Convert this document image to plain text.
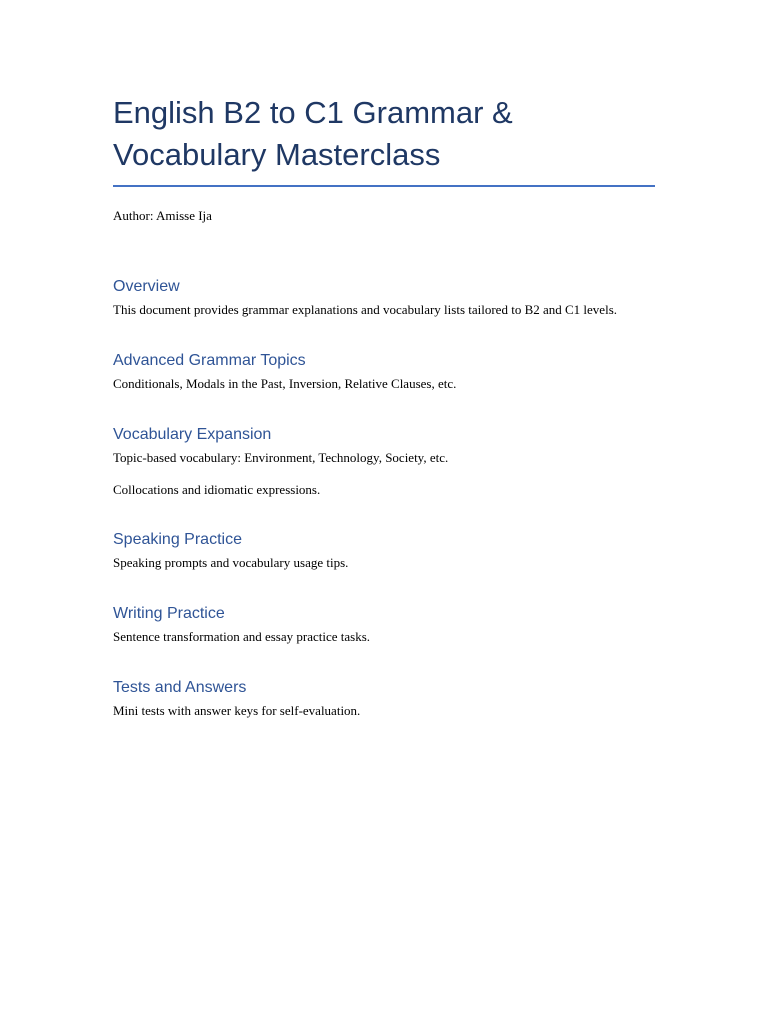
English B2 to C1 Grammar & Vocabulary Masterclass

Author: Amisse Ija

Overview

This document provides grammar explanations and vocabulary lists tailored to B2 and C1 levels.

Advanced Grammar Topics

Conditionals, Modals in the Past, Inversion, Relative Clauses, etc.

Vocabulary Expansion

Topic-based vocabulary: Environment, Technology, Society, etc.

Collocations and idiomatic expressions.

Speaking Practice

Speaking prompts and vocabulary usage tips.

Writing Practice

Sentence transformation and essay practice tasks.

Tests and Answers

Mini tests with answer keys for self-evaluation.
